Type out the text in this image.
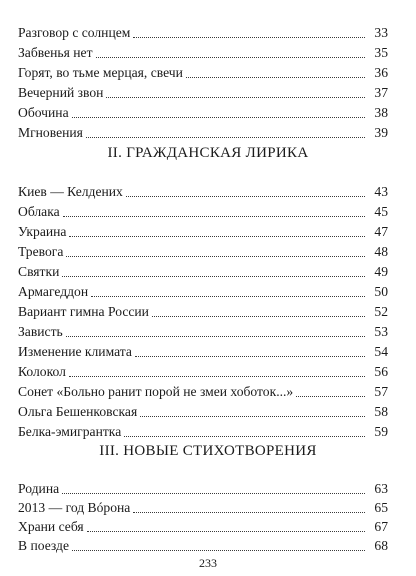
Разговор с солнцем	33
Забвенья нет	35
Горят, во тьме мерцая, свечи	36
Вечерний звон	37
Обочина	38
Мгновения	39
II. ГРАЖДАНСКАЯ ЛИРИКА
Киев — Келдених	43
Облака	45
Украина	47
Тревога	48
Святки	49
Армагеддон	50
Вариант гимна России	52
Зависть	53
Изменение климата	54
Колокол	56
Сонет «Больно ранит порой не змеи хоботок...»	57
Ольга Бешенковская	58
Белка-эмигрантка	59
III. НОВЫЕ СТИХОТВОРЕНИЯ
Родина	63
2013 — год Вóрона	65
Храни себя	67
В поезде	68
233
